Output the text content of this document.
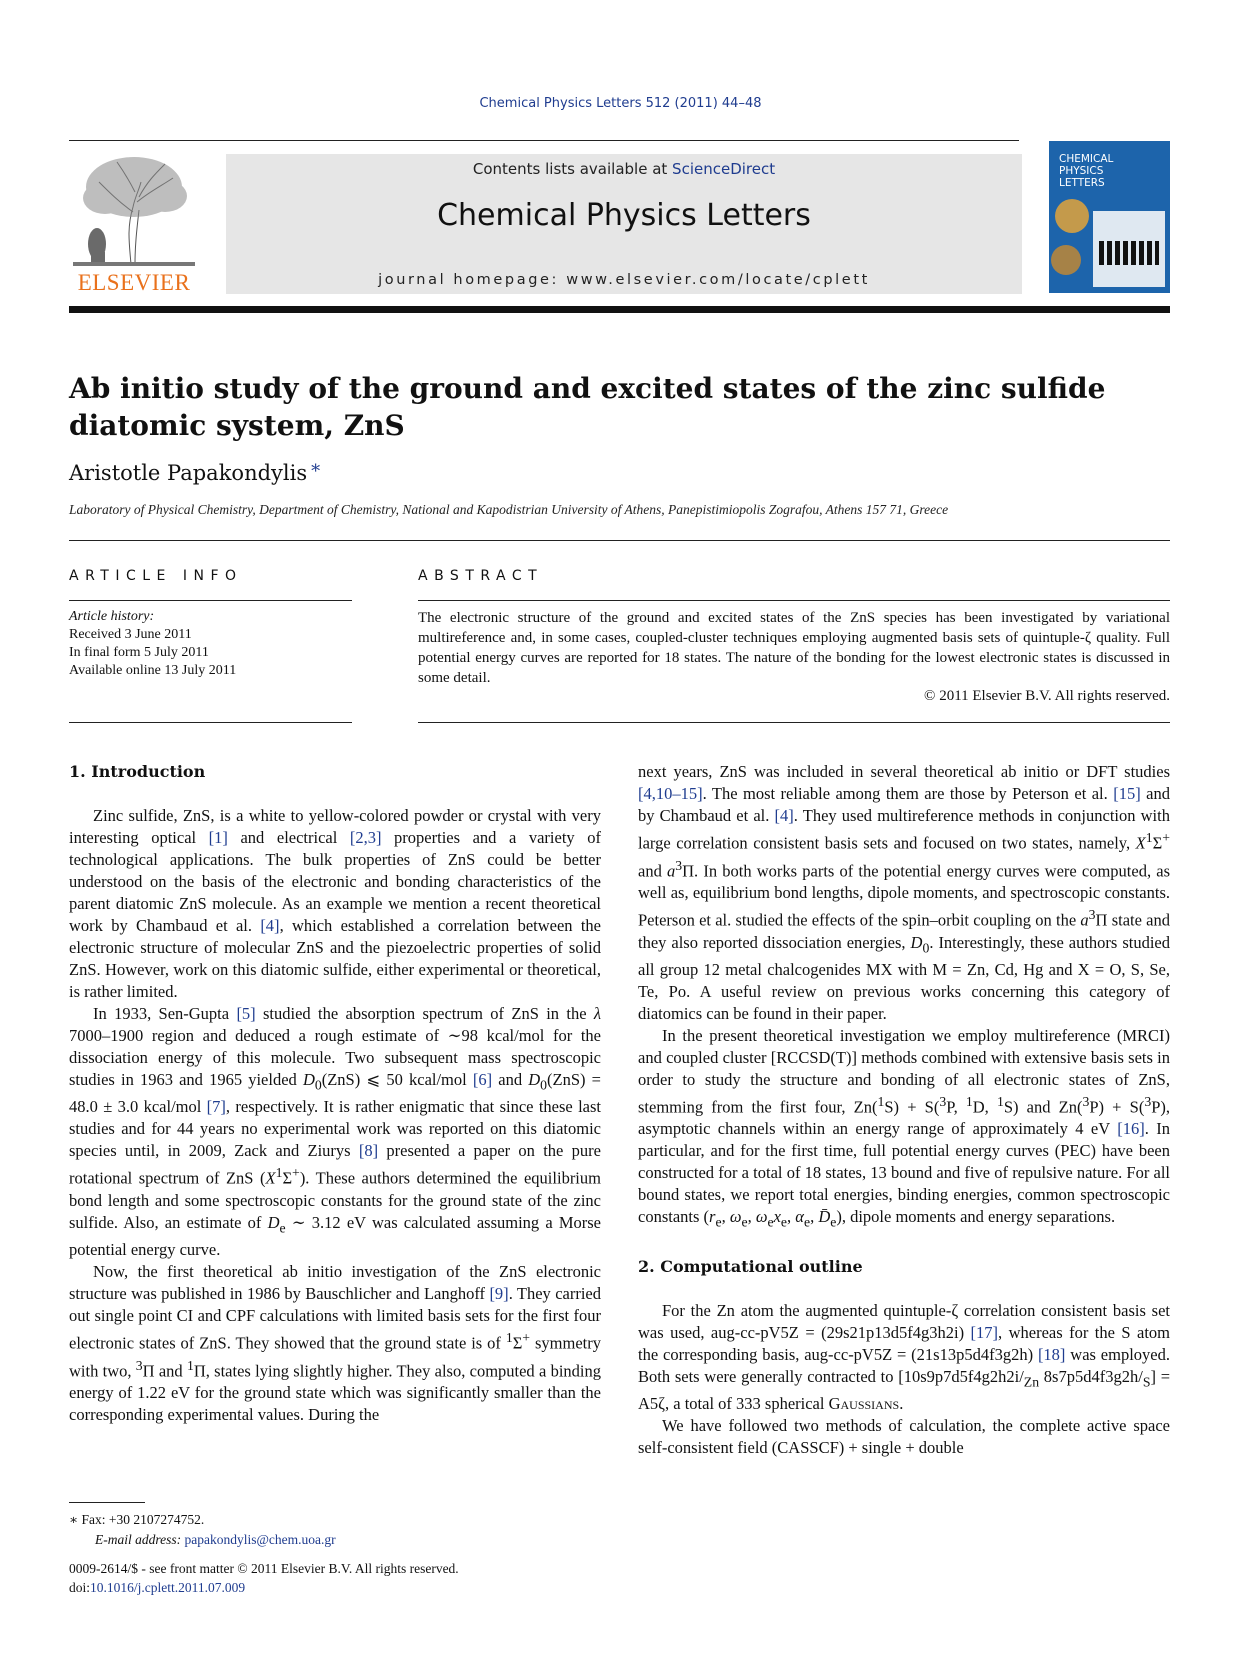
Chemical Physics Letters 512 (2011) 44–48
ELSEVIER
Contents lists available at ScienceDirect
Chemical Physics Letters
journal homepage: www.elsevier.com/locate/cplett
CHEMICAL
PHYSICS
LETTERS
Ab initio study of the ground and excited states of the zinc sulfide
diatomic system, ZnS
Aristotle Papakondylis *
Laboratory of Physical Chemistry, Department of Chemistry, National and Kapodistrian University of Athens, Panepistimiopolis Zografou, Athens 157 71, Greece
ARTICLE INFO
Article history:
Received 3 June 2011
In final form 5 July 2011
Available online 13 July 2011
ABSTRACT
The electronic structure of the ground and excited states of the ZnS species has been investigated by variational multireference and, in some cases, coupled-cluster techniques employing augmented basis sets of quintuple-ζ quality. Full potential energy curves are reported for 18 states. The nature of the bonding for the lowest electronic states is discussed in some detail.
© 2011 Elsevier B.V. All rights reserved.
1. Introduction

Zinc sulfide, ZnS, is a white to yellow-colored powder or crystal with very interesting optical [1] and electrical [2,3] properties and a variety of technological applications. The bulk properties of ZnS could be better understood on the basis of the electronic and bonding characteristics of the parent diatomic ZnS molecule. As an example we mention a recent theoretical work by Chambaud et al. [4], which established a correlation between the electronic structure of molecular ZnS and the piezoelectric properties of solid ZnS. However, work on this diatomic sulfide, either experimental or theoretical, is rather limited.

In 1933, Sen-Gupta [5] studied the absorption spectrum of ZnS in the λ 7000–1900 region and deduced a rough estimate of ∼98 kcal/mol for the dissociation energy of this molecule. Two subsequent mass spectroscopic studies in 1963 and 1965 yielded $D_0(ZnS)$ ⩽ 50 kcal/mol [6] and $D_0(ZnS) = 48.0 \pm 3.0$ kcal/mol [7], respectively. It is rather enigmatic that since these last studies and for 44 years no experimental work was reported on this diatomic species until, in 2009, Zack and Ziurys [8] presented a paper on the pure rotational spectrum of ZnS $(X^1\Sigma^+)$. These authors determined the equilibrium bond length and some spectroscopic constants for the ground state of the zinc sulfide. Also, an estimate of $D_e$ ∼ 3.12 eV was calculated assuming a Morse potential energy curve.

Now, the first theoretical ab initio investigation of the ZnS electronic structure was published in 1986 by Bauschlicher and Langhoff [9]. They carried out single point CI and CPF calculations with limited basis sets for the first four electronic states of ZnS. They showed that the ground state is of $^1$Σ+ symmetry with two, $^3$Π and $^1$Π, states lying slightly higher. They also, computed a binding energy of 1.22 eV for the ground state which was significantly smaller than the corresponding experimental values. During the

next years, ZnS was included in several theoretical ab initio or DFT studies [4,10–15]. The most reliable among them are those by Peterson et al. [15] and by Chambaud et al. [4]. They used multireference methods in conjunction with large correlation consistent basis sets and focused on two states, namely, $X^1\Sigma^+$ and $a^3\Pi$. In both works parts of the potential energy curves were computed, as well as, equilibrium bond lengths, dipole moments, and spectroscopic constants. Peterson et al. studied the effects of the spin–orbit coupling on the $a^3\Pi$ state and they also reported dissociation energies, $D_0$. Interestingly, these authors studied all group 12 metal chalcogenides MX with M = Zn, Cd, Hg and X = O, S, Se, Te, Po. A useful review on previous works concerning this category of diatomics can be found in their paper.

In the present theoretical investigation we employ multireference (MRCI) and coupled cluster [RCCSD(T)] methods combined with extensive basis sets in order to study the structure and bonding of all electronic states of ZnS, stemming from the first four, Zn($^1$S) + S($^3$P, $^1$D, $^1$S) and Zn($^3$P) + S($^3$P), asymptotic channels within an energy range of approximately 4 eV [16]. In particular, and for the first time, full potential energy curves (PEC) have been constructed for a total of 18 states, 13 bound and five of repulsive nature. For all bound states, we report total energies, binding energies, common spectroscopic constants ($r_e$, $\omega_e$, $\omega_ex_e$, $\alpha_e$, $D̄_e$), dipole moments and energy separations.

2. Computational outline

For the Zn atom the augmented quintuple-ζ correlation consistent basis set was used, aug-cc-pV5Z = (29s21p13d5f4g3h2i) [17], whereas for the S atom the corresponding basis, aug-cc-pV5Z = (21s13p5d4f3g2h) [18] was employed. Both sets were generally contracted to [$10s9p7d5f4g2h2i/_{Zn}$ $8s7p5d4f3g2h/_S] = A5\zeta$, a total of 333 spherical Gaussians.

We have followed two methods of calculation, the complete active space self-consistent field (CASSCF) + single + double

∗ Fax: +30 2107274752.
E-mail address: papakondylis@chem.uoa.gr
0009-2614/$ - see front matter © 2011 Elsevier B.V. All rights reserved.
doi:10.1016/j.cplett.2011.07.009
